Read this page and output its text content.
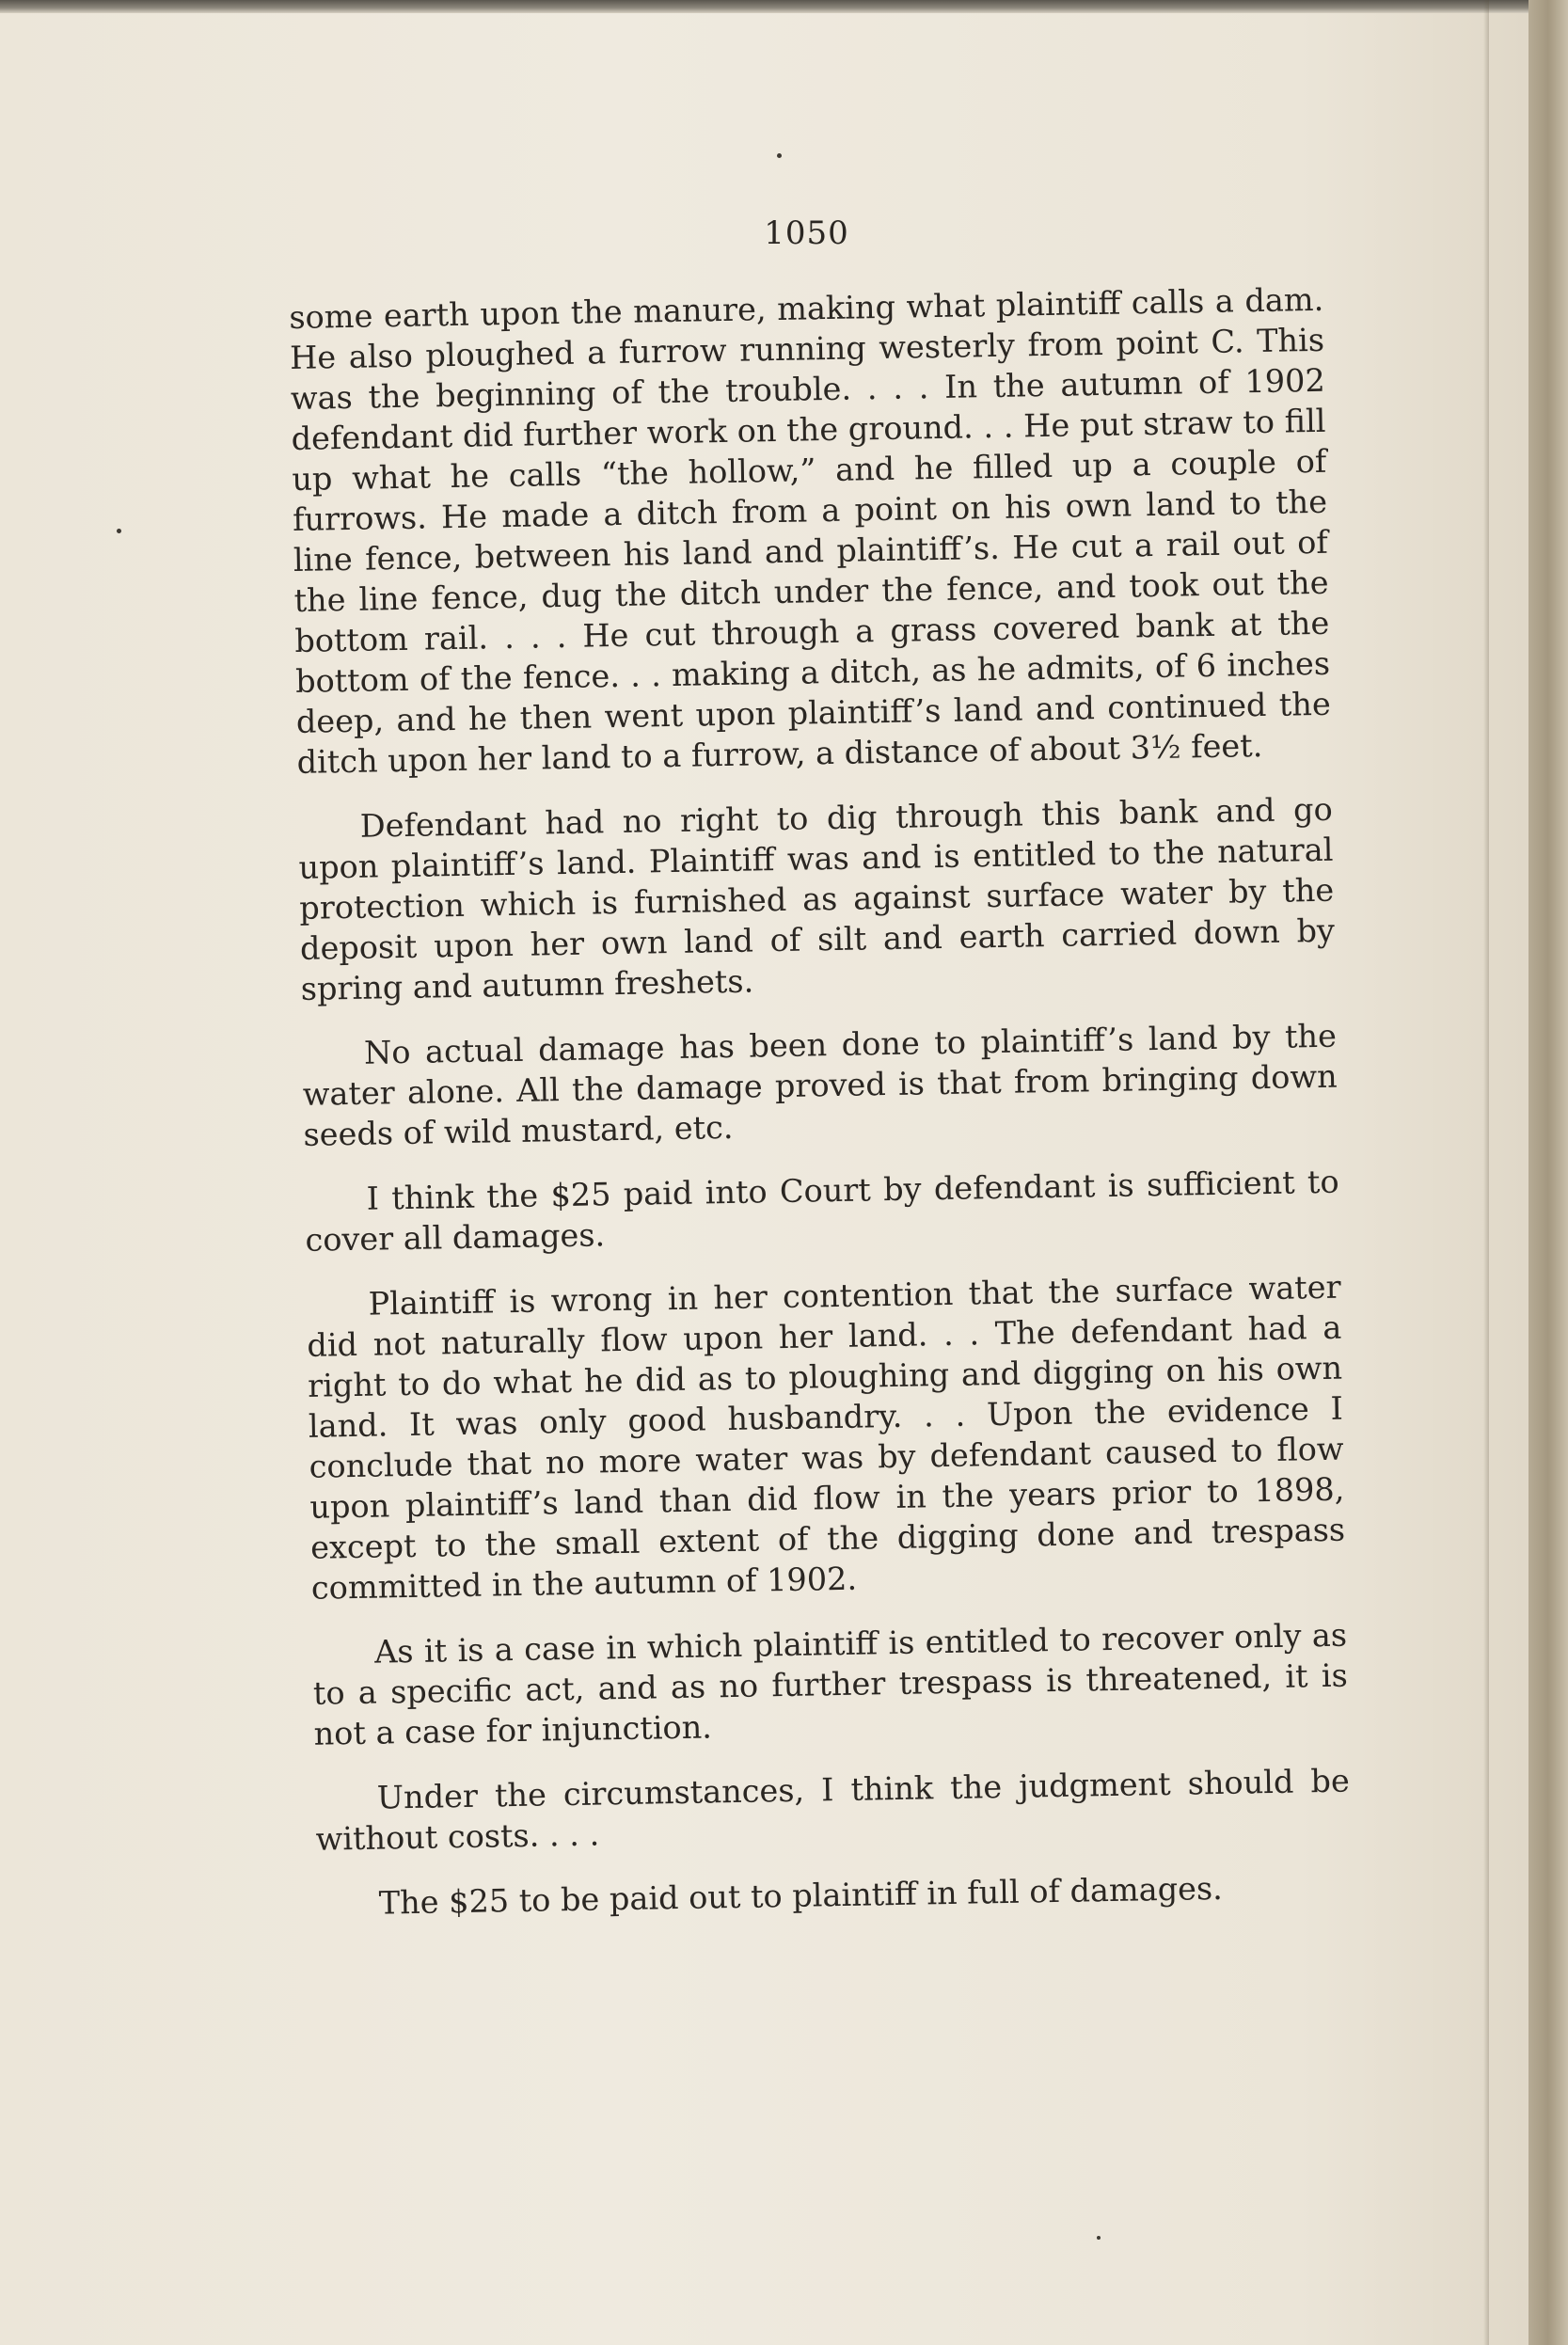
1050

some earth upon the manure, making what plaintiff calls a dam. He also ploughed a furrow running westerly from point C. This was the beginning of the trouble. . . . In the autumn of 1902 defendant did further work on the ground. . . He put straw to fill up what he calls “the hollow,” and he filled up a couple of furrows. He made a ditch from a point on his own land to the line fence, between his land and plaintiff’s. He cut a rail out of the line fence, dug the ditch under the fence, and took out the bottom rail. . . . He cut through a grass covered bank at the bottom of the fence. . . making a ditch, as he admits, of 6 inches deep, and he then went upon plaintiff’s land and continued the ditch upon her land to a furrow, a distance of about 3½ feet.

Defendant had no right to dig through this bank and go upon plaintiff’s land. Plaintiff was and is entitled to the natural protection which is furnished as against surface water by the deposit upon her own land of silt and earth carried down by spring and autumn freshets.

No actual damage has been done to plaintiff’s land by the water alone. All the damage proved is that from bringing down seeds of wild mustard, etc.

I think the $25 paid into Court by defendant is sufficient to cover all damages.

Plaintiff is wrong in her contention that the surface water did not naturally flow upon her land. . . The defendant had a right to do what he did as to ploughing and digging on his own land. It was only good husbandry. . . Upon the evidence I conclude that no more water was by defendant caused to flow upon plaintiff’s land than did flow in the years prior to 1898, except to the small extent of the digging done and trespass committed in the autumn of 1902.

As it is a case in which plaintiff is entitled to recover only as to a specific act, and as no further trespass is threatened, it is not a case for injunction.

Under the circumstances, I think the judgment should be without costs. . . .

The $25 to be paid out to plaintiff in full of damages.
